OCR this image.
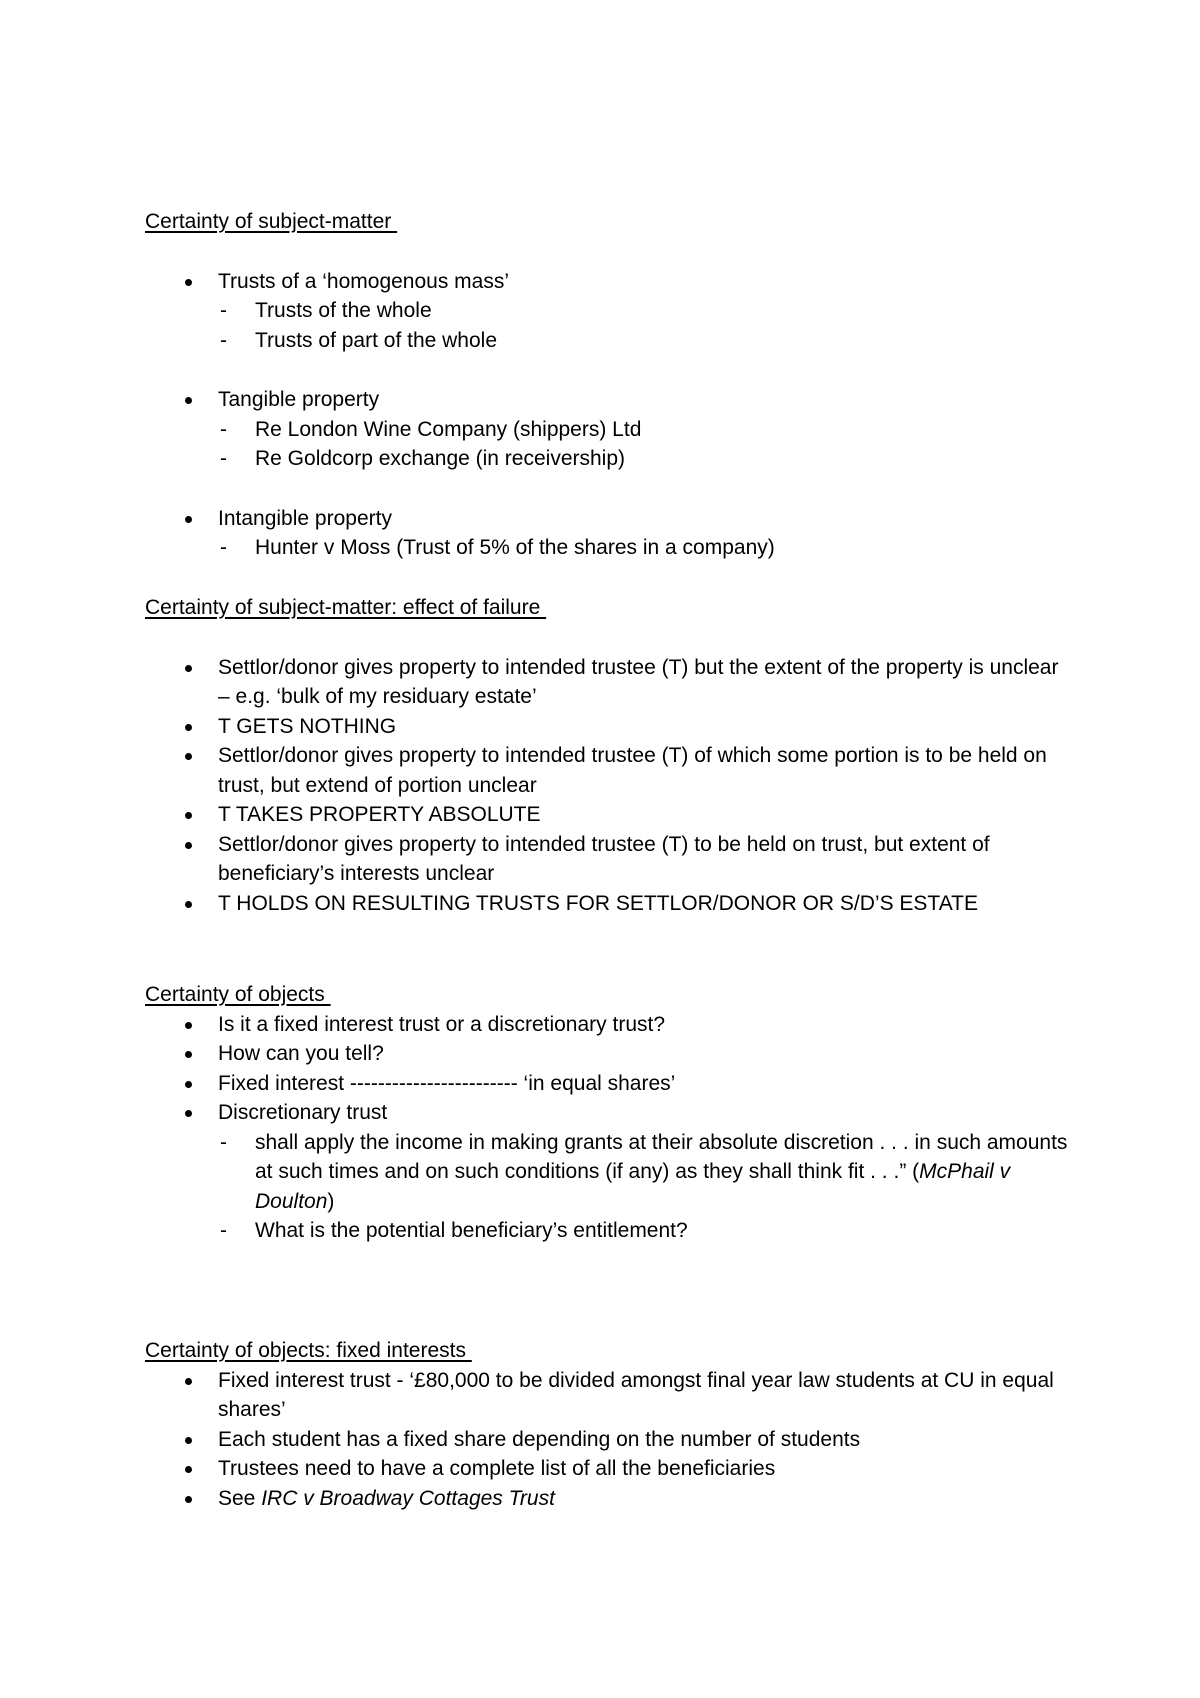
Certainty of subject-matter
Trusts of a ‘homogenous mass’
- Trusts of the whole
- Trusts of part of the whole
Tangible property
- Re London Wine Company (shippers) Ltd
- Re Goldcorp exchange (in receivership)
Intangible property
- Hunter v Moss (Trust of 5% of the shares in a company)
Certainty of subject-matter: effect of failure
Settlor/donor gives property to intended trustee (T) but the extent of the property is unclear – e.g. ‘bulk of my residuary estate’
T GETS NOTHING
Settlor/donor gives property to intended trustee (T) of which some portion is to be held on trust, but extend of portion unclear
T TAKES PROPERTY ABSOLUTE
Settlor/donor gives property to intended trustee (T) to be held on trust, but extent of beneficiary’s interests unclear
T HOLDS ON RESULTING TRUSTS FOR SETTLOR/DONOR OR S/D’S ESTATE
Certainty of objects
Is it a fixed interest trust or a discretionary trust?
How can you tell?
Fixed interest ------------------------ ‘in equal shares’
Discretionary trust
- shall apply the income in making grants at their absolute discretion . . . in such amounts at such times and on such conditions (if any) as they shall think fit . . .” (McPhail v Doulton)
- What is the potential beneficiary’s entitlement?
Certainty of objects: fixed interests
Fixed interest trust - ‘£80,000 to be divided amongst final year law students at CU in equal shares’
Each student has a fixed share depending on the number of students
Trustees need to have a complete list of all the beneficiaries
See IRC v Broadway Cottages Trust
